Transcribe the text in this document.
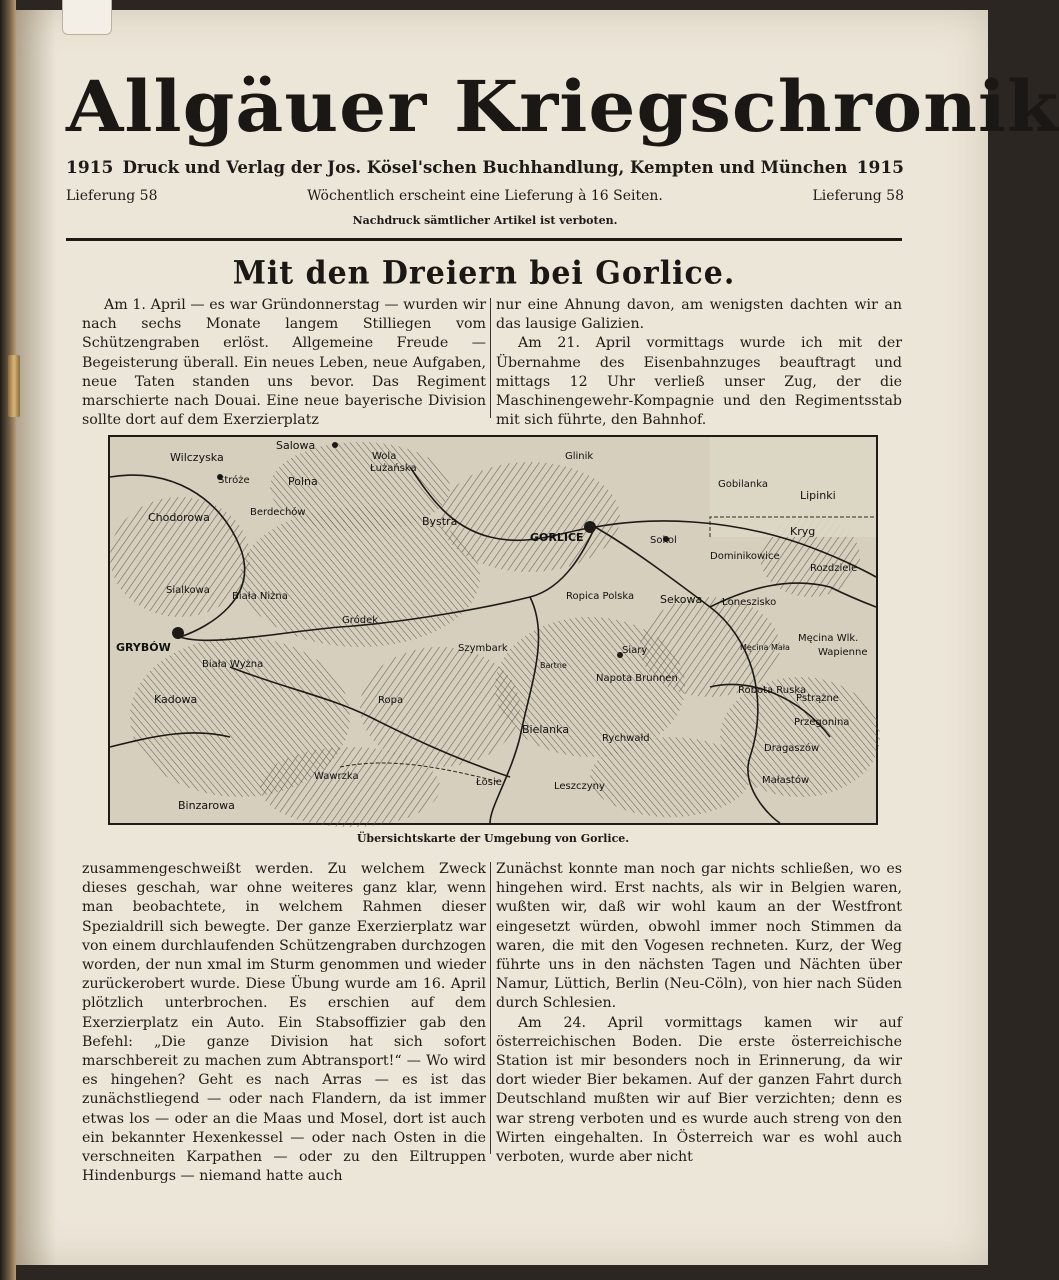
Allgäuer Kriegschronik
1915 Druck und Verlag der Jos. Kösel'schen Buchhandlung, Kempten und München 1915
Lieferung 58	Wöchentlich erscheint eine Lieferung à 16 Seiten.	Lieferung 58
Nachdruck sämtlicher Artikel ist verboten.
Mit den Dreiern bei Gorlice.

Am 1. April — es war Gründonnerstag — wurden wir nach sechs Monate langem Stilliegen vom Schützengraben erlöst. Allgemeine Freude — Begeisterung überall. Ein neues Leben, neue Aufgaben, neue Taten standen uns bevor. Das Regiment marschierte nach Douai. Eine neue bayerische Division sollte dort auf dem Exerzierplatz

nur eine Ahnung davon, am wenigsten dachten wir an das lausige Galizien.

Am 21. April vormittags wurde ich mit der Übernahme des Eisenbahnzuges beauftragt und mittags 12 Uhr verließ unser Zug, der die Maschinengewehr-Kompagnie und den Regimentsstab mit sich führte, den Bahnhof.

Salowa
Wilczyska
Stróże
Wola
Łużańska
Polna
Glinik
Gobilanka
Lipinki
Chodorowa	Berdechów
Bystra
GORLICE	Sokol
Dominikowice
Kryg
Rozdziele
Sialkowa
Biała Niżna	Ropica Polska Sekowa Łoneszisko
Gródek
Męcina Wlk.
Wapienne
GRYBÓW	Szymbark
Bartne
Siary
Napota Brunnen
Męcina Mała
Biała Wyżna
Ropa
Kadowa
Robota Ruska
Pstrążne
Bielanka
Rychwałd
Przegonina
Dragaszów
Wawrzka
Łosie	Leszczyny
Małastów
Binzarowa
Übersichtskarte der Umgebung von Gorlice.

zusammengeschweißt werden. Zu welchem Zweck dieses geschah, war ohne weiteres ganz klar, wenn man beobachtete, in welchem Rahmen dieser Spezialdrill sich bewegte. Der ganze Exerzierplatz war von einem durchlaufenden Schützengraben durchzogen worden, der nun xmal im Sturm genommen und wieder zurückerobert wurde. Diese Übung wurde am 16. April plötzlich unterbrochen. Es erschien auf dem Exerzierplatz ein Auto. Ein Stabsoffizier gab den Befehl: „Die ganze Division hat sich sofort marschbereit zu machen zum Abtransport!“ — Wo wird es hingehen? Geht es nach Arras — es ist das zunächstliegend — oder nach Flandern, da ist immer etwas los — oder an die Maas und Mosel, dort ist auch ein bekannter Hexenkessel — oder nach Osten in die verschneiten Karpathen — oder zu den Eiltruppen Hindenburgs — niemand hatte auch

Zunächst konnte man noch gar nichts schließen, wo es hingehen wird. Erst nachts, als wir in Belgien waren, wußten wir, daß wir wohl kaum an der Westfront eingesetzt würden, obwohl immer noch Stimmen da waren, die mit den Vogesen rechneten. Kurz, der Weg führte uns in den nächsten Tagen und Nächten über Namur, Lüttich, Berlin (Neu-Cöln), von hier nach Süden durch Schlesien.

Am 24. April vormittags kamen wir auf österreichischen Boden. Die erste österreichische Station ist mir besonders noch in Erinnerung, da wir dort wieder Bier bekamen. Auf der ganzen Fahrt durch Deutschland mußten wir auf Bier verzichten; denn es war streng verboten und es wurde auch streng von den Wirten eingehalten. In Österreich war es wohl auch verboten, wurde aber nicht
